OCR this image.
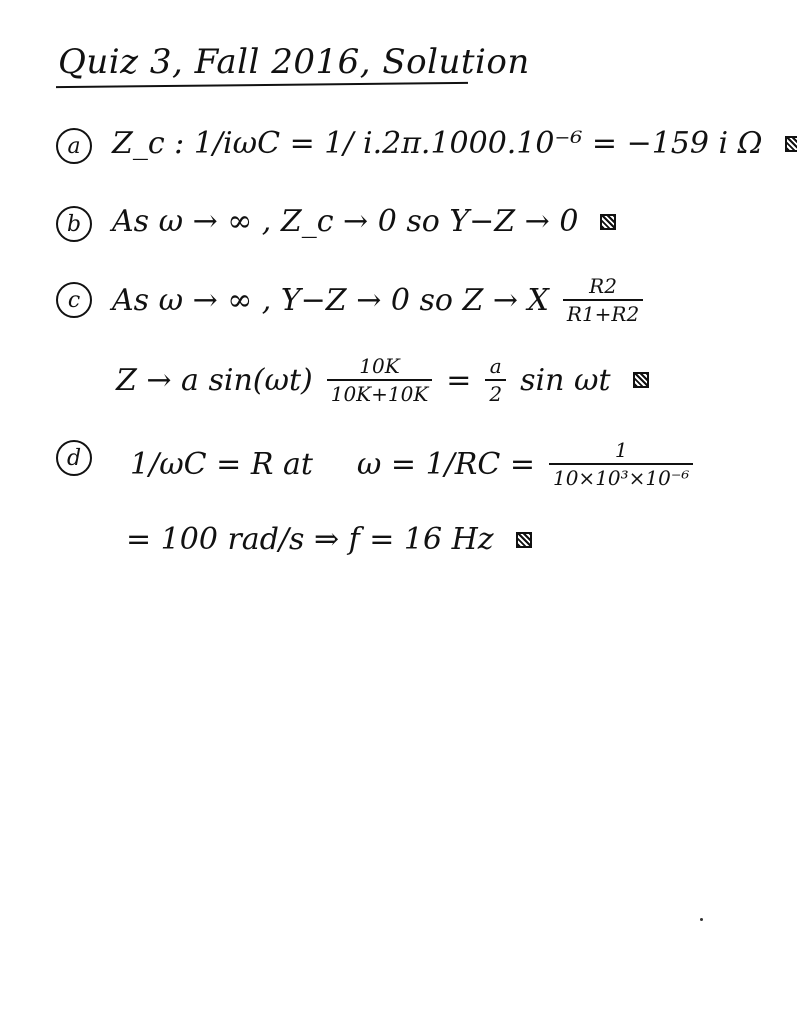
Quiz 3, Fall 2016, Solution
a	Z_c : 1/iωC = 1/ i.2π.1000.10⁻⁶ = −159 i Ω
b	As ω → ∞ , Z_c → 0 so Y−Z → 0
c	As ω → ∞ , Y−Z → 0 so Z → X $\frac{R2}{R1+R2}$
Z → a $\sin(\omega t) \frac{10K}{10K+10K} = \frac{a}{2}$ sin ωt
d	1/ωC = R at $\omega = 1/RC = \frac{1}{\text{10×10³×10⁻⁶}}$
= 100 rad/s ⇒ f = 16 Hz
